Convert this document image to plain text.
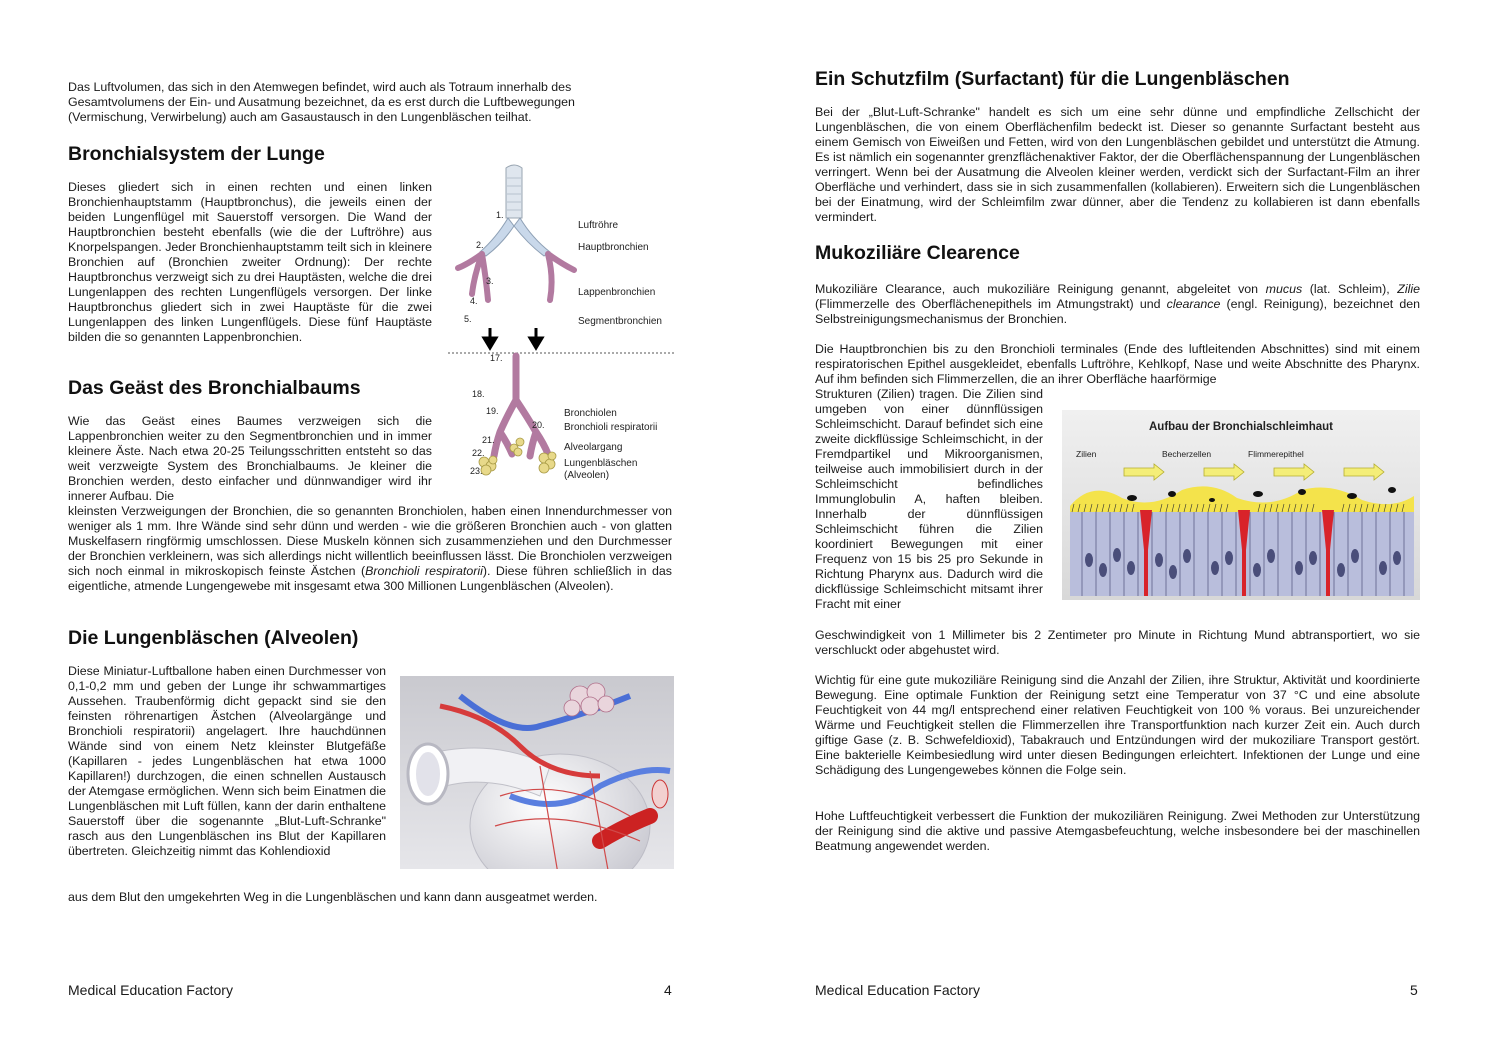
Das Luftvolumen, das sich in den Atemwegen befindet, wird auch als Totraum innerhalb des Gesamtvolumens der Ein- und Ausatmung bezeichnet, da es erst durch die Luftbewegungen (Vermischung, Verwirbelung) auch am Gasaustausch in den Lungenbläschen teilhat.

Bronchialsystem der Lunge

Dieses gliedert sich in einen rechten und einen linken Bronchienhauptstamm (Hauptbronchus), die jeweils einen der beiden Lungenflügel mit Sauerstoff versorgen. Die Wand der Hauptbronchien besteht ebenfalls (wie die der Luftröhre) aus Knorpelspangen. Jeder Bronchienhauptstamm teilt sich in kleinere Bronchien auf (Bronchien zweiter Ordnung): Der rechte Hauptbronchus verzweigt sich zu drei Hauptästen, welche die drei Lungenlappen des rechten Lungenflügels versorgen. Der linke Hauptbronchus gliedert sich in zwei Hauptäste für die zwei Lungenlappen des linken Lungenflügels. Diese fünf Hauptäste bilden die so genannten Lappenbronchien.

Das Geäst des Bronchialbaums

Wie das Geäst eines Baumes verzweigen sich die Lappenbronchien weiter zu den Segmentbronchien und in immer kleinere Äste. Nach etwa 20-25 Teilungsschritten entsteht so das weit verzweigte System des Bronchialbaums. Je kleiner die Bronchien werden, desto einfacher und dünnwandiger wird ihr innerer Aufbau. Die

kleinsten Verzweigungen der Bronchien, die so genannten Bronchiolen, haben einen Innendurchmesser von weniger als 1 mm. Ihre Wände sind sehr dünn und werden - wie die größeren Bronchien auch - von glatten Muskelfasern ringförmig umschlossen. Diese Muskeln können sich zusammenziehen und den Durchmesser der Bronchien verkleinern, was sich allerdings nicht willentlich beeinflussen lässt. Die Bronchiolen verzweigen sich noch einmal in mikroskopisch feinste Ästchen (Bronchioli respiratorii). Diese führen schließlich in das eigentliche, atmende Lungengewebe mit insgesamt etwa 300 Millionen Lungenbläschen (Alveolen).

Die Lungenbläschen (Alveolen)

Diese Miniatur-Luftballone haben einen Durchmesser von 0,1-0,2 mm und geben der Lunge ihr schwammartiges Aussehen. Traubenförmig dicht gepackt sind sie den feinsten röhrenartigen Ästchen (Alveolargänge und Bronchioli respiratorii) angelagert. Ihre hauchdünnen Wände sind von einem Netz kleinster Blutgefäße (Kapillaren - jedes Lungenbläschen hat etwa 1000 Kapillaren!) durchzogen, die einen schnellen Austausch der Atemgase ermöglichen. Wenn sich beim Einatmen die Lungenbläschen mit Luft füllen, kann der darin enthaltene Sauerstoff über die sogenannte „Blut-Luft-Schranke" rasch aus den Lungenbläschen ins Blut der Kapillaren übertreten. Gleichzeitig nimmt das Kohlendioxid

aus dem Blut den umgekehrten Weg in die Lungenbläschen und kann dann ausgeatmet werden.

1.
2.
3.
4.
5.
17.
18.
19.
20.
21.
22.
23.
Luftröhre
Hauptbronchien
Lappenbronchien
Segmentbronchien
Bronchiolen
Bronchioli respiratorii
Alveolargang
Lungenbläschen
(Alveolen)
Medical Education Factory	4
Ein Schutzfilm (Surfactant) für die Lungenbläschen

Bei der „Blut-Luft-Schranke" handelt es sich um eine sehr dünne und empfindliche Zellschicht der Lungenbläschen, die von einem Oberflächenfilm bedeckt ist. Dieser so genannte Surfactant besteht aus einem Gemisch von Eiweißen und Fetten, wird von den Lungenbläschen gebildet und unterstützt die Atmung. Es ist nämlich ein sogenannter grenzflächenaktiver Faktor, der die Oberflächenspannung der Lungenbläschen verringert. Wenn bei der Ausatmung die Alveolen kleiner werden, verdickt sich der Surfactant-Film an ihrer Oberfläche und verhindert, dass sie in sich zusammenfallen (kollabieren). Erweitern sich die Lungenbläschen bei der Einatmung, wird der Schleimfilm zwar dünner, aber die Tendenz zu kollabieren ist dann ebenfalls vermindert.

Mukoziliäre Clearence

Mukoziliäre Clearance, auch mukoziliäre Reinigung genannt, abgeleitet von mucus (lat. Schleim), Zilie (Flimmerzelle des Oberflächenepithels im Atmungstrakt) und clearance (engl. Reinigung), bezeichnet den Selbstreinigungsmechanismus der Bronchien.

Die Hauptbronchien bis zu den Bronchioli terminales (Ende des luftleitenden Abschnittes) sind mit einem respiratorischen Epithel ausgekleidet, ebenfalls Luftröhre, Kehlkopf, Nase und weite Abschnitte des Pharynx. Auf ihm befinden sich Flimmerzellen, die an ihrer Oberfläche haarförmige

Strukturen (Zilien) tragen. Die Zilien sind umgeben von einer dünnflüssigen Schleimschicht. Darauf befindet sich eine zweite dickflüssige Schleimschicht, in der Fremdpartikel und Mikroorganismen, teilweise auch immobilisiert durch in der Schleimschicht befindliches Immunglobulin A, haften bleiben. Innerhalb der dünnflüssigen Schleimschicht führen die Zilien koordiniert Bewegungen mit einer Frequenz von 15 bis 25 pro Sekunde in Richtung Pharynx aus. Dadurch wird die dickflüssige Schleimschicht mitsamt ihrer Fracht mit einer

Geschwindigkeit von 1 Millimeter bis 2 Zentimeter pro Minute in Richtung Mund abtransportiert, wo sie verschluckt oder abgehustet wird.

Wichtig für eine gute mukoziliäre Reinigung sind die Anzahl der Zilien, ihre Struktur, Aktivität und koordinierte Bewegung. Eine optimale Funktion der Reinigung setzt eine Temperatur von 37 °C und eine absolute Feuchtigkeit von 44 mg/l entsprechend einer relativen Feuchtigkeit von 100 % voraus. Bei unzureichender Wärme und Feuchtigkeit stellen die Flimmerzellen ihre Transportfunktion nach kurzer Zeit ein. Auch durch giftige Gase (z. B. Schwefeldioxid), Tabakrauch und Entzündungen wird der mukoziliare Transport gestört. Eine bakterielle Keimbesiedlung wird unter diesen Bedingungen erleichtert. Infektionen der Lunge und eine Schädigung des Lungengewebes können die Folge sein.

Hohe Luftfeuchtigkeit verbessert die Funktion der mukoziliären Reinigung. Zwei Methoden zur Unterstützung der Reinigung sind die aktive und passive Atemgasbefeuchtung, welche insbesondere bei der maschinellen Beatmung angewendet werden.

Aufbau der Bronchialschleimhaut
Zilien	Becherzellen	Flimmerepithel
Medical Education Factory	5
